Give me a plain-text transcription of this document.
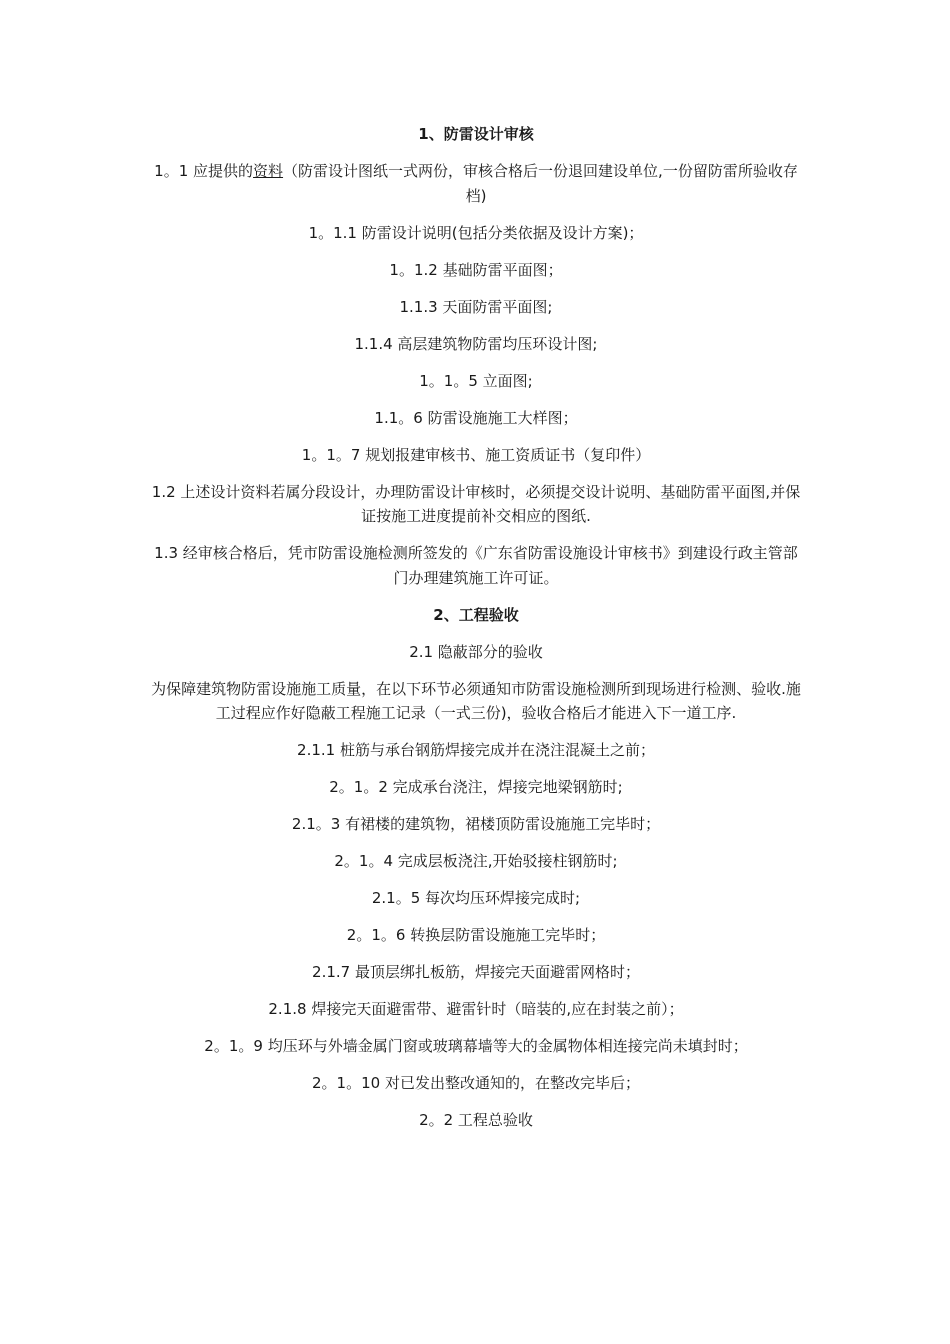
1、防雷设计审核

1。1 应提供的资料（防雷设计图纸一式两份，审核合格后一份退回建设单位,一份留防雷所验收存档)

1。1.1 防雷设计说明(包括分类依据及设计方案)；

1。1.2 基础防雷平面图；

1.1.3 天面防雷平面图;

1.1.4 高层建筑物防雷均压环设计图;

1。1。5 立面图;

1.1。6 防雷设施施工大样图；

1。1。7 规划报建审核书、施工资质证书（复印件）

1.2 上述设计资料若属分段设计，办理防雷设计审核时，必须提交设计说明、基础防雷平面图,并保证按施工进度提前补交相应的图纸.

1.3 经审核合格后，凭市防雷设施检测所签发的《广东省防雷设施设计审核书》到建设行政主管部门办理建筑施工许可证。

2、工程验收

2.1 隐蔽部分的验收

为保障建筑物防雷设施施工质量，在以下环节必须通知市防雷设施检测所到现场进行检测、验收.施工过程应作好隐蔽工程施工记录（一式三份)，验收合格后才能进入下一道工序.

2.1.1 桩筋与承台钢筋焊接完成并在浇注混凝土之前；

2。1。2 完成承台浇注，焊接完地梁钢筋时;

2.1。3 有裙楼的建筑物，裙楼顶防雷设施施工完毕时；

2。1。4 完成层板浇注,开始驳接柱钢筋时;

2.1。5 每次均压环焊接完成时;

2。1。6 转换层防雷设施施工完毕时；

2.1.7 最顶层绑扎板筋，焊接完天面避雷网格时；

2.1.8 焊接完天面避雷带、避雷针时（暗装的,应在封装之前）；

2。1。9 均压环与外墙金属门窗或玻璃幕墙等大的金属物体相连接完尚未填封时；

2。1。10 对已发出整改通知的，在整改完毕后；

2。2 工程总验收
